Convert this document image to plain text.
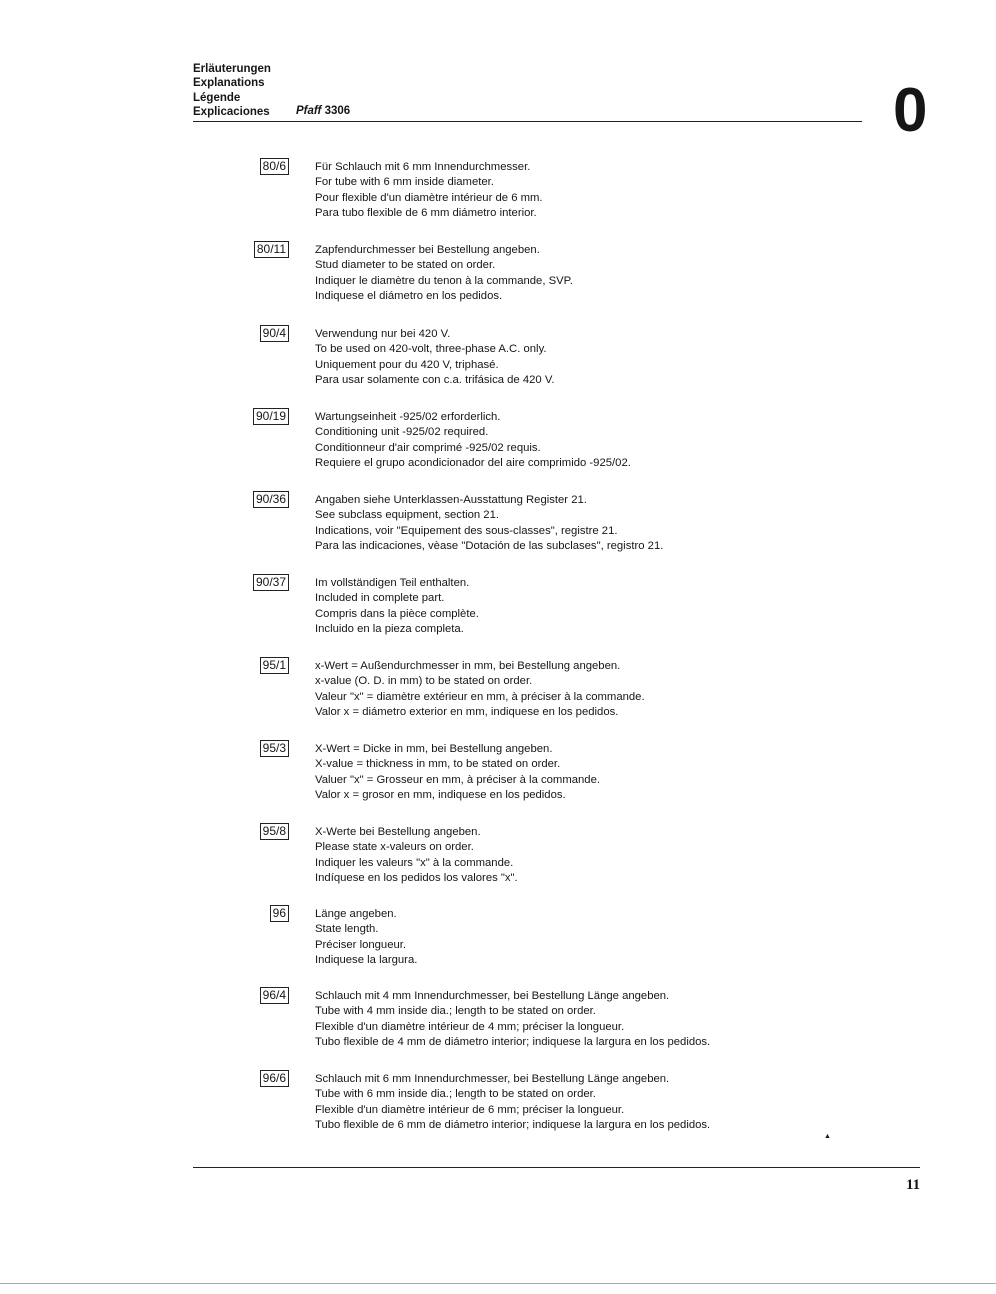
Erläuterungen
Explanations
Légende
Explicaciones Pfaff 3306	0
80/6	Für Schlauch mit 6 mm Innendurchmesser.
For tube with 6 mm inside diameter.
Pour flexible d'un diamètre intérieur de 6 mm.
Para tubo flexible de 6 mm diámetro interior.
80/11	Zapfendurchmesser bei Bestellung angeben.
Stud diameter to be stated on order.
Indiquer le diamètre du tenon à la commande, SVP.
Indiquese el diámetro en los pedidos.
90/4	Verwendung nur bei 420 V.
To be used on 420-volt, three-phase A.C. only.
Uniquement pour du 420 V, triphasé.
Para usar solamente con c.a. trifásica de 420 V.
90/19	Wartungseinheit -925/02 erforderlich.
Conditioning unit -925/02 required.
Conditionneur d'air comprimé -925/02 requis.
Requiere el grupo acondicionador del aire comprimido -925/02.
90/36	Angaben siehe Unterklassen-Ausstattung Register 21.
See subclass equipment, section 21.
Indications, voir "Equipement des sous-classes", registre 21.
Para las indicaciones, vèase "Dotación de las subclases", registro 21.
90/37	Im vollständigen Teil enthalten.
Included in complete part.
Compris dans la pièce complète.
Incluido en la pieza completa.
95/1	x-Wert = Außendurchmesser in mm, bei Bestellung angeben.
x-value (O. D. in mm) to be stated on order.
Valeur "x" = diamètre extérieur en mm, à préciser à la commande.
Valor x = diámetro exterior en mm, indiquese en los pedidos.
95/3	X-Wert = Dicke in mm, bei Bestellung angeben.
X-value = thickness in mm, to be stated on order.
Valuer "x" = Grosseur en mm, à préciser à la commande.
Valor x = grosor en mm, indiquese en los pedidos.
95/8	X-Werte bei Bestellung angeben.
Please state x-valeurs on order.
Indiquer les valeurs "x" à la commande.
Indíquese en los pedidos los valores "x".
96	Länge angeben.
State length.
Préciser longueur.
Indiquese la largura.
96/4	Schlauch mit 4 mm Innendurchmesser, bei Bestellung Länge angeben.
Tube with 4 mm inside dia.; length to be stated on order.
Flexible d'un diamètre intérieur de 4 mm; préciser la longueur.
Tubo flexible de 4 mm de diámetro interior; indiquese la largura en los pedidos.
96/6	Schlauch mit 6 mm Innendurchmesser, bei Bestellung Länge angeben.
Tube with 6 mm inside dia.; length to be stated on order.
Flexible d'un diamètre intérieur de 6 mm; préciser la longueur.
Tubo flexible de 6 mm de diámetro interior; indiquese la largura en los pedidos.
▲
11
